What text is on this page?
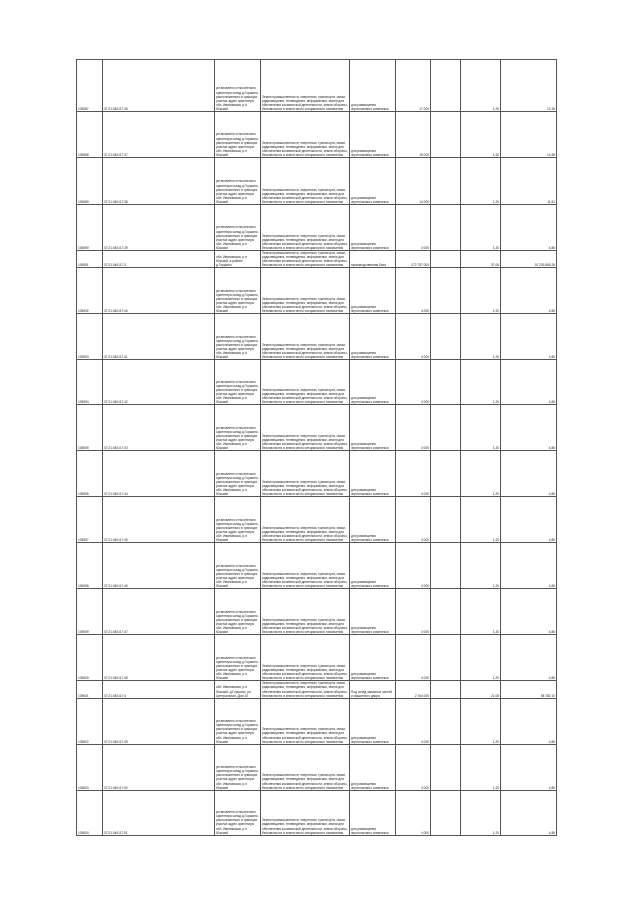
105587	37:21:040117:36	установлено относительно ориентира склад д.Горшино, расположенного в границах участка адрес ориентира: обл. Ивановская, р-н Южский	Земли промышленности, энергетики, транспорта, связи, радиовещания, телевидения, информатики, земли для обеспечения космической деятельности, земли обороны, безопасности и земли иного специального назначения	для размещения зернотокового комплекса	17 000		1,20	12,36
105588	37:21:040117:37	установлено относительно ориентира склад д.Горшино, расположенного в границах участка адрес ориентира: обл. Ивановская, р-н Южский	Земли промышленности, энергетики, транспорта, связи, радиовещания, телевидения, информатики, земли для обеспечения космической деятельности, земли обороны, безопасности и земли иного специального назначения	для размещения зернотокового комплекса	15 000		1,20	14,58
105589	37:21:040117:38	установлено относительно ориентира склад д.Горшино, расположенного в границах участка адрес ориентира: обл. Ивановская, р-н Южский	Земли промышленности, энергетики, транспорта, связи, радиовещания, телевидения, информатики, земли для обеспечения космической деятельности, земли обороны, безопасности и земли иного специального назначения	для размещения зернотокового комплекса	14 000		1,20	11,81
105590	37:21:040117:39	установлено относительно ориентира склад д.Горшино, расположенного в границах участка адрес ориентира: обл. Ивановская, р-н Южский	Земли промышленности, энергетики, транспорта, связи, радиовещания, телевидения, информатики, земли для обеспечения космической деятельности, земли обороны, безопасности и земли иного специального назначения	для размещения зернотокового комплекса	4 000		1,20	4,86
105591	37:21:040117:3	обл. Ивановская, р-н Южский, в районе д.Горшино	Земли промышленности, энергетики, транспорта, связи, радиовещания, телевидения, информатики, земли для обеспечения космической деятельности, земли обороны, безопасности и земли иного специального назначения	производственная база	272 757 000		37,06	10 239 865,28
105592	37:21:040117:40	установлено относительно ориентира склад д.Горшино, расположенного в границах участка адрес ориентира: обл. Ивановская, р-н Южский	Земли промышленности, энергетики, транспорта, связи, радиовещания, телевидения, информатики, земли для обеспечения космической деятельности, земли обороны, безопасности и земли иного специального назначения	для размещения зернотокового комплекса	4 000		1,20	4,86
105593	37:21:040117:41	установлено относительно ориентира склад д.Горшино, расположенного в границах участка адрес ориентира: обл. Ивановская, р-н Южский	Земли промышленности, энергетики, транспорта, связи, радиовещания, телевидения, информатики, земли для обеспечения космической деятельности, земли обороны, безопасности и земли иного специального назначения	для размещения зернотокового комплекса	4 000		1,20	4,86
105594	37:21:040117:42	установлено относительно ориентира склад д.Горшино, расположенного в границах участка адрес ориентира: обл. Ивановская, р-н Южский	Земли промышленности, энергетики, транспорта, связи, радиовещания, телевидения, информатики, земли для обеспечения космической деятельности, земли обороны, безопасности и земли иного специального назначения	для размещения зернотокового комплекса	4 000		1,20	4,86
105595	37:21:040117:43	установлено относительно ориентира склад д.Горшино, расположенного в границах участка адрес ориентира: обл. Ивановская, р-н Южский	Земли промышленности, энергетики, транспорта, связи, радиовещания, телевидения, информатики, земли для обеспечения космической деятельности, земли обороны, безопасности и земли иного специального назначения	для размещения зернотокового комплекса	4 000		1,20	4,86
105596	37:21:040117:44	установлено относительно ориентира склад д.Горшино, расположенного в границах участка адрес ориентира: обл. Ивановская, р-н Южский	Земли промышленности, энергетики, транспорта, связи, радиовещания, телевидения, информатики, земли для обеспечения космической деятельности, земли обороны, безопасности и земли иного специального назначения	для размещения зернотокового комплекса	4 000		1,20	4,86
105597	37:21:040117:45	установлено относительно ориентира склад д.Горшино, расположенного в границах участка адрес ориентира: обл. Ивановская, р-н Южский	Земли промышленности, энергетики, транспорта, связи, радиовещания, телевидения, информатики, земли для обеспечения космической деятельности, земли обороны, безопасности и земли иного специального назначения	для размещения зернотокового комплекса	4 000		1,20	4,86
105598	37:21:040117:46	установлено относительно ориентира склад д.Горшино, расположенного в границах участка адрес ориентира: обл. Ивановская, р-н Южский	Земли промышленности, энергетики, транспорта, связи, радиовещания, телевидения, информатики, земли для обеспечения космической деятельности, земли обороны, безопасности и земли иного специального назначения	для размещения зернотокового комплекса	4 000		1,20	4,86
105599	37:21:040117:47	установлено относительно ориентира склад д.Горшино, расположенного в границах участка адрес ориентира: обл. Ивановская, р-н Южский	Земли промышленности, энергетики, транспорта, связи, радиовещания, телевидения, информатики, земли для обеспечения космической деятельности, земли обороны, безопасности и земли иного специального назначения	для размещения зернотокового комплекса	4 000		1,20	4,86
105600	37:21:040117:48	установлено относительно ориентира склад д.Горшино, расположенного в границах участка адрес ориентира: обл. Ивановская, р-н Южский	Земли промышленности, энергетики, транспорта, связи, радиовещания, телевидения, информатики, земли для обеспечения космической деятельности, земли обороны, безопасности и земли иного специального назначения	для размещения зернотокового комплекса	4 000		1,20	4,86
105601	37:21:040117:4	обл. Ивановская, р-н Южский, д.Горшино, ул. Центральная, Дом 10	Земли промышленности, энергетики, транспорта, связи, радиовещания, телевидения, информатики, земли для обеспечения космической деятельности, земли обороны, безопасности и земли иного специального назначения	Под склад запасных частей и машинного двора	2 764 000		21,05	58 782,10
105602	37:21:040117:49	установлено относительно ориентира склад д.Горшино, расположенного в границах участка адрес ориентира: обл. Ивановская, р-н Южский	Земли промышленности, энергетики, транспорта, связи, радиовещания, телевидения, информатики, земли для обеспечения космической деятельности, земли обороны, безопасности и земли иного специального назначения	для размещения зернотокового комплекса	4 000		1,20	4,86
105603	37:21:040117:50	установлено относительно ориентира склад д.Горшино, расположенного в границах участка адрес ориентира: обл. Ивановская, р-н Южский	Земли промышленности, энергетики, транспорта, связи, радиовещания, телевидения, информатики, земли для обеспечения космической деятельности, земли обороны, безопасности и земли иного специального назначения	для размещения зернотокового комплекса	4 000		1,20	4,86
105604	37:21:040117:51	установлено относительно ориентира склад д.Горшино, расположенного в границах участка адрес ориентира: обл. Ивановская, р-н Южский	Земли промышленности, энергетики, транспорта, связи, радиовещания, телевидения, информатики, земли для обеспечения космической деятельности, земли обороны, безопасности и земли иного специального назначения	для размещения зернотокового комплекса	4 000		1,20	4,86
